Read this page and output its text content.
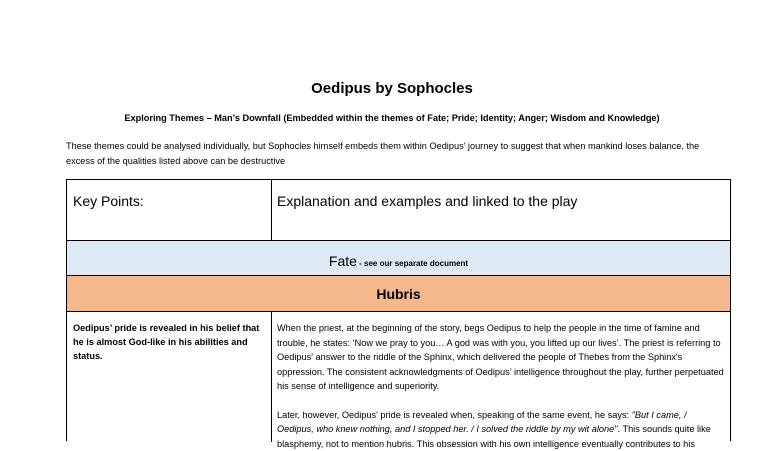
Oedipus by Sophocles
Exploring Themes – Man’s Downfall (Embedded within the themes of Fate; Pride; Identity; Anger; Wisdom and Knowledge)
These themes could be analysed individually, but Sophocles himself embeds them within Oedipus’ journey to suggest that when mankind loses balance, the excess of the qualities listed above can be destructive
Key Points:	Explanation and examples and linked to the play
Fate - see our separate document
Hubris
Oedipus’ pride is revealed in his belief that he is almost God-like in his abilities and status.

When the priest, at the beginning of the story, begs Oedipus to help the people in the time of famine and trouble, he states: ‘Now we pray to you… A god was with you, you lifted up our lives’. The priest is referring to Oedipus' answer to the riddle of the Sphinx, which delivered the people of Thebes from the Sphinx's oppression. The consistent acknowledgments of Oedipus’ intelligence throughout the play, further perpetuated his sense of intelligence and superiority.

Later, however, Oedipus' pride is revealed when, speaking of the same event, he says: "But I came, / Oedipus, who knew nothing, and I stopped her. / I solved the riddle by my wit alone". This sounds quite like blasphemy, not to mention hubris. This obsession with his own intelligence eventually contributes to his
